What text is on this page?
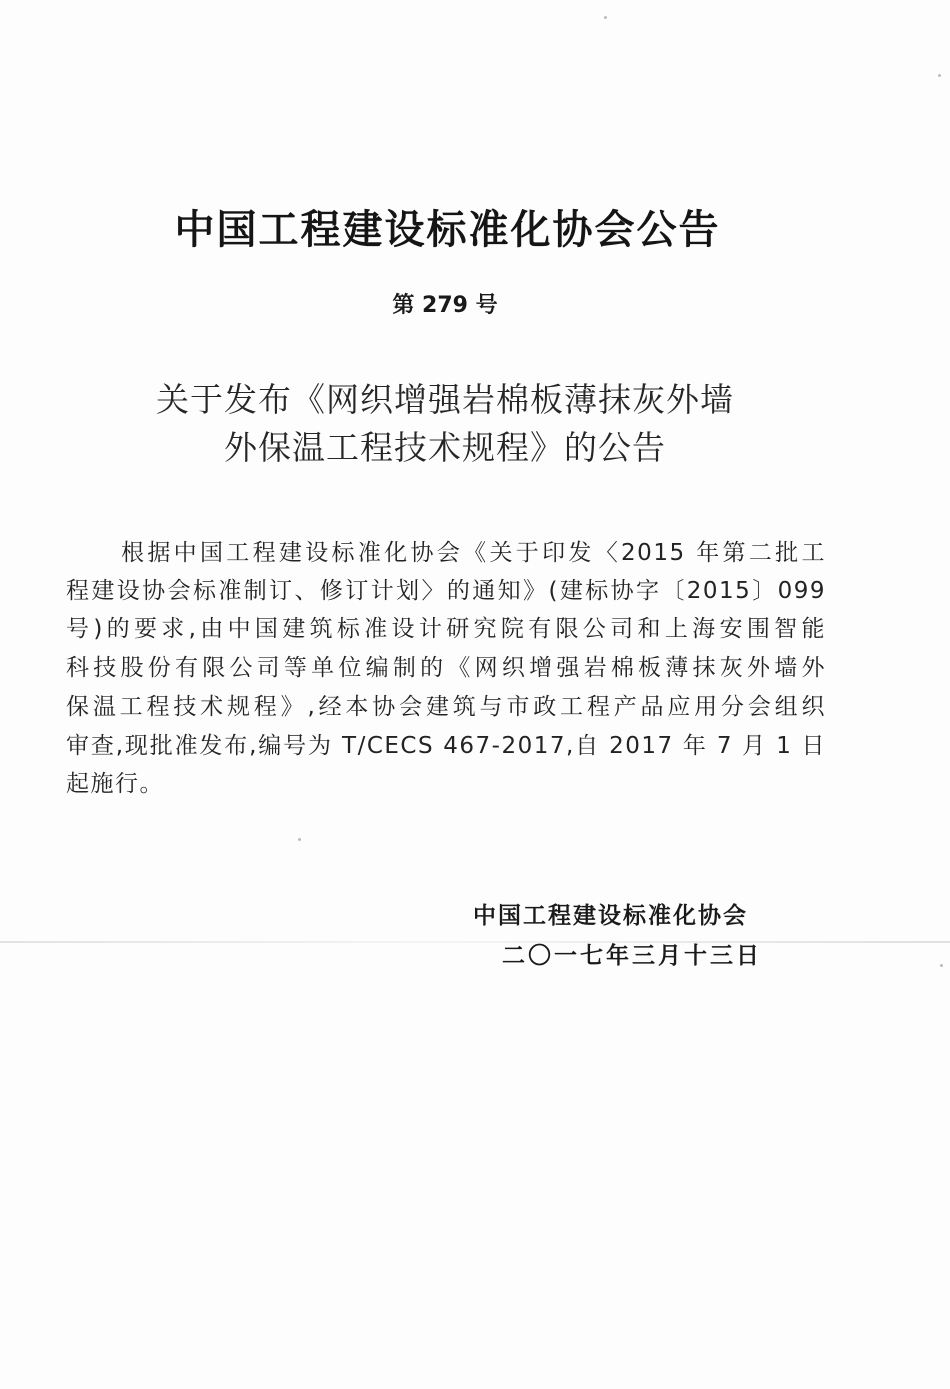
中国工程建设标准化协会公告
第 279 号
关于发布《网织增强岩棉板薄抹灰外墙
外保温工程技术规程》的公告
根据中国工程建设标准化协会《关于印发〈2015 年第二批工
程建设协会标准制订、修订计划〉的通知》(建标协字〔2015〕099
号)的要求,由中国建筑标准设计研究院有限公司和上海安围智能
科技股份有限公司等单位编制的《网织增强岩棉板薄抹灰外墙外
保温工程技术规程》,经本协会建筑与市政工程产品应用分会组织
审查,现批准发布,编号为 T/CECS 467-2017,自 2017 年 7 月 1 日
起施行。
中国工程建设标准化协会
二〇一七年三月十三日
